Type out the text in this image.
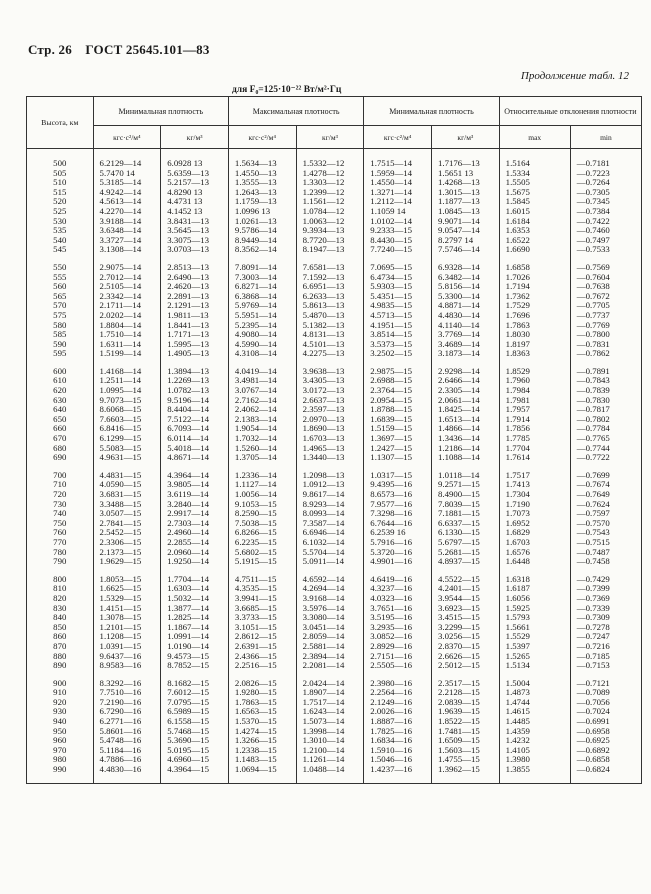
Стр. 26 ГОСТ 25645.101—83
Продолжение табл. 12
для F₀=125·10⁻²² Вт/м²·Гц
Высота, км	Минимальная плотность		Максимальная плотность		Минимальная плотность		Относительные отклонения плотности	
	кгс·с²/м⁴	кг/м³	кгс·с²/м⁴	кг/м³	кгс·с²/м⁴	кг/м³	max	min

500	6.2129—14	6.0928 13	1.5634—13	1.5332—12	1.7515—14	1.7176—13	1.5164	—0.7181
505	5.7470 14	5.6359—13	1.4550—13	1.4278—12	1.5959—14	1.5651 13	1.5334	—0.7223
510	5.3185—14	5.2157—13	1.3555—13	1.3303—12	1.4550—14	1.4268—13	1.5505	—0.7264
515	4.9242—14	4.8290 13	1.2643—13	1.2399—12	1.3271—14	1.3015—13	1.5675	—0.7305
520	4.5613—14	4.4731 13	1.1759—13	1.1561—12	1.2112—14	1.1877—13	1.5845	—0.7345
525	4.2270—14	4.1452 13	1.0996 13	1.0784—12	1.1059 14	1.0845—13	1.6015	—0.7384
530	3.9188—14	3.8431—13	1.0261—13	1.0063—12	1.0102—14	9.9071—14	1.6184	—0.7422
535	3.6348—14	3.5645—13	9.5786—14	9.3934—13	9.2333—15	9.0547—14	1.6353	—0.7460
540	3.3727—14	3.3075—13	8.9449—14	8.7720—13	8.4430—15	8.2797 14	1.6522	—0.7497
545	3.1308—14	3.0703—13	8.3562—14	8.1947—13	7.7240—15	7.5746—14	1.6690	—0.7533

550	2.9075—14	2.8513—13	7.8091—14	7.6581—13	7.0695—15	6.9328—14	1.6858	—0.7569
555	2.7012—14	2.6490—13	7.3003—14	7.1592—13	6.4734—15	6.3482—14	1.7026	—0.7604
560	2.5105—14	2.4620—13	6.8271—14	6.6951—13	5.9303—15	5.8156—14	1.7194	—0.7638
565	2.3342—14	2.2891—13	6.3868—14	6.2633—13	5.4351—15	5.3300—14	1.7362	—0.7672
570	2.1711—14	2.1291—13	5.9769—14	5.8613—13	4.9835—15	4.8871—14	1.7529	—0.7705
575	2.0202—14	1.9811—13	5.5951—14	5.4870—13	4.5713—15	4.4830—14	1.7696	—0.7737
580	1.8804—14	1.8441—13	5.2395—14	5.1382—13	4.1951—15	4.1140—14	1.7863	—0.7769
585	1.7510—14	1.7171—13	4.9080—14	4.8131—13	3.8514—15	3.7769—14	1.8030	—0.7800
590	1.6311—14	1.5995—13	4.5990—14	4.5101—13	3.5373—15	3.4689—14	1.8197	—0.7831
595	1.5199—14	1.4905—13	4.3108—14	4.2275—13	3.2502—15	3.1873—14	1.8363	—0.7862

600	1.4168—14	1.3894—13	4.0419—14	3.9638—13	2.9875—15	2.9298—14	1.8529	—0.7891
610	1.2511—14	1.2269—13	3.4981—14	3.4305—13	2.6988—15	2.6466—14	1.7960	—0.7843
620	1.0995—14	1.0782—13	3.0767—14	3.0172—13	2.3764—15	2.3305—14	1.7984	—0.7839
630	9.7073—15	9.5196—14	2.7162—14	2.6637—13	2.0954—15	2.0661—14	1.7981	—0.7830
640	8.6068—15	8.4404—14	2.4062—14	2.3597—13	1.8788—15	1.8425—14	1.7957	—0.7817
650	7.6603—15	7.5122—14	2.1383—14	2.0970—13	1.6839—15	1.6513—14	1.7914	—0.7802
660	6.8416—15	6.7093—14	1.9054—14	1.8690—13	1.5159—15	1.4866—14	1.7856	—0.7784
670	6.1299—15	6.0114—14	1.7032—14	1.6703—13	1.3697—15	1.3436—14	1.7785	—0.7765
680	5.5083—15	5.4018—14	1.5260—14	1.4965—13	1.2427—15	1.2186—14	1.7704	—0.7744
690	4.9631—15	4.8671—14	1.3705—14	1.3440—13	1.1307—15	1.1088—14	1.7614	—0.7722

700	4.4831—15	4.3964—14	1.2336—14	1.2098—13	1.0317—15	1.0118—14	1.7517	—0.7699
710	4.0590—15	3.9805—14	1.1127—14	1.0912—13	9.4395—16	9.2571—15	1.7413	—0.7674
720	3.6831—15	3.6119—14	1.0056—14	9.8617—14	8.6573—16	8.4900—15	1.7304	—0.7649
730	3.3488—15	3.2840—14	9.1053—15	8.9293—14	7.9577—16	7.8039—15	1.7190	—0.7624
740	3.0507—15	2.9917—14	8.2590—15	8.0993—14	7.3298—16	7.1881—15	1.7073	—0.7597
750	2.7841—15	2.7303—14	7.5038—15	7.3587—14	6.7644—16	6.6337—15	1.6952	—0.7570
760	2.5452—15	2.4960—14	6.8266—15	6.6946—14	6.2539 16	6.1330—15	1.6829	—0.7543
770	2.3306—15	2.2855—14	6.2235—15	6.1032—14	5.7916—16	5.6797—15	1.6703	—0.7515
780	2.1373—15	2.0960—14	5.6802—15	5.5704—14	5.3720—16	5.2681—15	1.6576	—0.7487
790	1.9629—15	1.9250—14	5.1915—15	5.0911—14	4.9901—16	4.8937—15	1.6448	—0.7458

800	1.8053—15	1.7704—14	4.7511—15	4.6592—14	4.6419—16	4.5522—15	1.6318	—0.7429
810	1.6625—15	1.6303—14	4.3535—15	4.2694—14	4.3237—16	4.2401—15	1.6187	—0.7399
820	1.5329—15	1.5032—14	3.9941—15	3.9168—14	4.0323—16	3.9544—15	1.6056	—0.7369
830	1.4151—15	1.3877—14	3.6685—15	3.5976—14	3.7651—16	3.6923—15	1.5925	—0.7339
840	1.3078—15	1.2825—14	3.3733—15	3.3080—14	3.5195—16	3.4515—15	1.5793	—0.7309
850	1.2101—15	1.1867—14	3.1051—15	3.0451—14	3.2935—16	3.2299—15	1.5661	—0.7278
860	1.1208—15	1.0991—14	2.8612—15	2.8059—14	3.0852—16	3.0256—15	1.5529	—0.7247
870	1.0391—15	1.0190—14	2.6391—15	2.5881—14	2.8929—16	2.8370—15	1.5397	—0.7216
880	9.6437—16	9.4573—15	2.4366—15	2.3894—14	2.7151—16	2.6626—15	1.5265	—0.7185
890	8.9583—16	8.7852—15	2.2516—15	2.2081—14	2.5505—16	2.5012—15	1.5134	—0.7153

900	8.3292—16	8.1682—15	2.0826—15	2.0424—14	2.3980—16	2.3517—15	1.5004	—0.7121
910	7.7510—16	7.6012—15	1.9280—15	1.8907—14	2.2564—16	2.2128—15	1.4873	—0.7089
920	7.2190—16	7.0795—15	1.7863—15	1.7517—14	2.1249—16	2.0839—15	1.4744	—0.7056
930	6.7290—16	6.5989—15	1.6563—15	1.6243—14	2.0026—16	1.9639—15	1.4615	—0.7024
940	6.2771—16	6.1558—15	1.5370—15	1.5073—14	1.8887—16	1.8522—15	1.4485	—0.6991
950	5.8601—16	5.7468—15	1.4274—15	1.3998—14	1.7825—16	1.7481—15	1.4359	—0.6958
960	5.4748—16	5.3690—15	1.3266—15	1.3010—14	1.6834—16	1.6509—15	1.4232	—0.6925
970	5.1184—16	5.0195—15	1.2338—15	1.2100—14	1.5910—16	1.5603—15	1.4105	—0.6892
980	4.7886—16	4.6960—15	1.1483—15	1.1261—14	1.5046—16	1.4755—15	1.3980	—0.6858
990	4.4830—16	4.3964—15	1.0694—15	1.0488—14	1.4237—16	1.3962—15	1.3855	—0.6824
